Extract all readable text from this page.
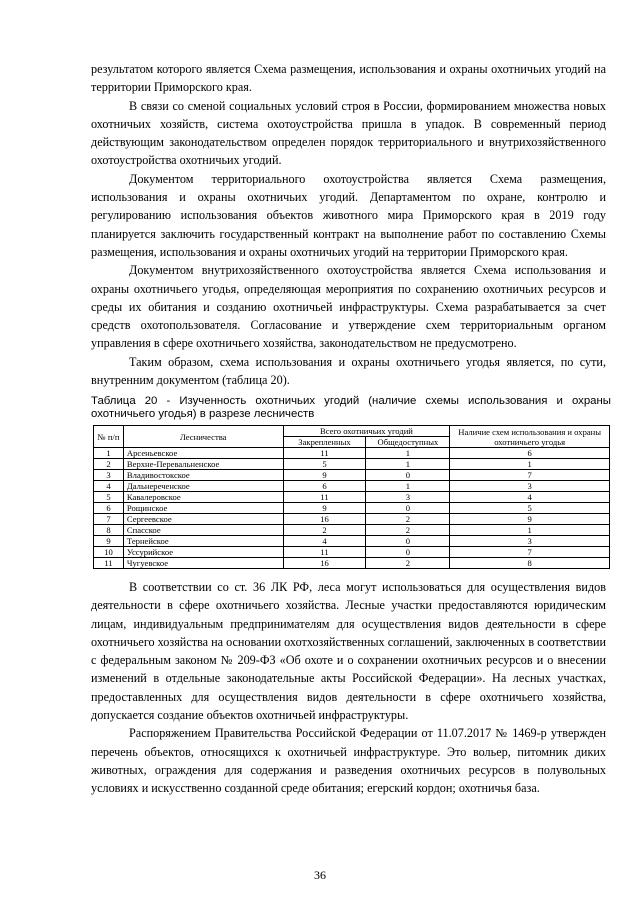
результатом которого является Схема размещения, использования и охраны охотничьих угодий на территории Приморского края.

В связи со сменой социальных условий строя в России, формированием множества новых охотничьих хозяйств, система охотоустройства пришла в упадок. В современный период действующим законодательством определен порядок территориального и внутрихозяйственного охотоустройства охотничьих угодий.

Документом территориального охотоустройства является Схема размещения, использования и охраны охотничьих угодий. Департаментом по охране, контролю и регулированию использования объектов животного мира Приморского края в 2019 году планируется заключить государственный контракт на выполнение работ по составлению Схемы размещения, использования и охраны охотничьих угодий на территории Приморского края.

Документом внутрихозяйственного охотоустройства является Схема использования и охраны охотничьего угодья, определяющая мероприятия по сохранению охотничьих ресурсов и среды их обитания и созданию охотничьей инфраструктуры. Схема разрабатывается за счет средств охотопользователя. Согласование и утверждение схем территориальным органом управления в сфере охотничьего хозяйства, законодательством не предусмотрено.

Таким образом, схема использования и охраны охотничьего угодья является, по сути, внутренним документом (таблица 20).

Таблица 20 - Изученность охотничьих угодий (наличие схемы использования и охраны охотничьего угодья) в разрезе лесничеств
№ п/п	Лесничества	Всего охотничьих угодий		Наличие схем использования и охраны охотничьего угодья
		Закрепленных	Общедоступных	
1	Арсеньевское	11	1	6
2	Верхне-Перевальненское	5	1	1
3	Владивостокское	9	0	7
4	Дальнереченское	6	1	3
5	Кавалеровское	11	3	4
6	Рощинское	9	0	5
7	Сергеевское	16	2	9
8	Спасское	2	2	1
9	Тернейское	4	0	3
10	Уссурийское	11	0	7
11	Чугуевское	16	2	8

В соответствии со ст. 36 ЛК РФ, леса могут использоваться для осуществления видов деятельности в сфере охотничьего хозяйства. Лесные участки предоставляются юридическим лицам, индивидуальным предпринимателям для осуществления видов деятельности в сфере охотничьего хозяйства на основании охотхозяйственных соглашений, заключенных в соответствии с федеральным законом № 209-ФЗ «Об охоте и о сохранении охотничьих ресурсов и о внесении изменений в отдельные законодательные акты Российской Федерации». На лесных участках, предоставленных для осуществления видов деятельности в сфере охотничьего хозяйства, допускается создание объектов охотничьей инфраструктуры.

Распоряжением Правительства Российской Федерации от 11.07.2017 № 1469-р утвержден перечень объектов, относящихся к охотничьей инфраструктуре. Это вольер, питомник диких животных, ограждения для содержания и разведения охотничьих ресурсов в полувольных условиях и искусственно созданной среде обитания; егерский кордон; охотничья база.

36
